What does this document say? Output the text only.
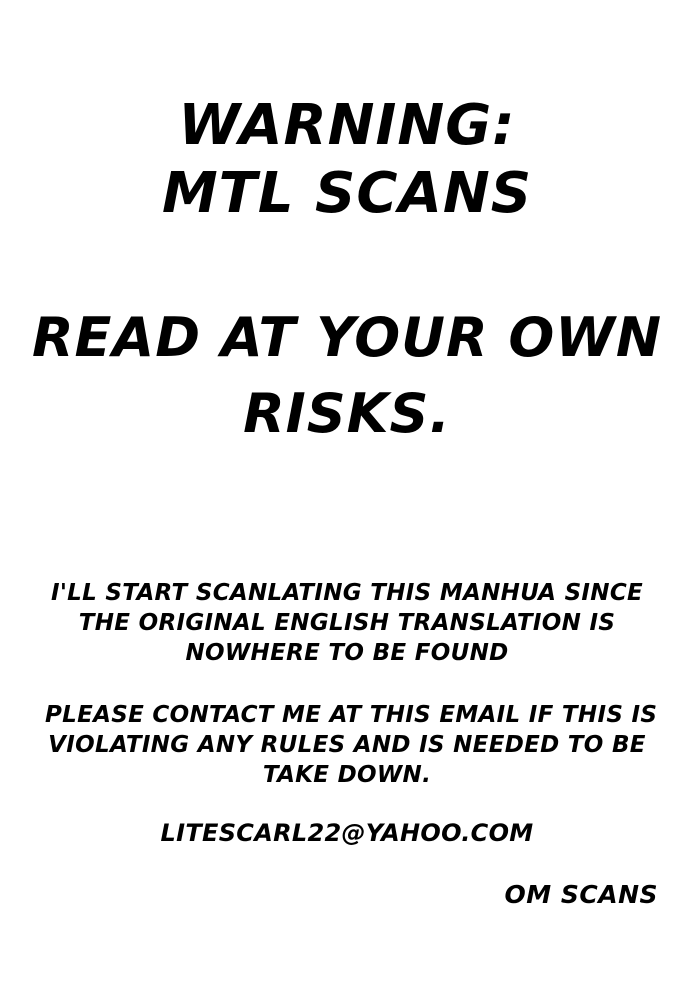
WARNING:
MTL SCANS
READ AT YOUR OWN
RISKS.
I'LL START SCANLATING THIS MANHUA SINCE
THE ORIGINAL ENGLISH TRANSLATION IS
NOWHERE TO BE FOUND
PLEASE CONTACT ME AT THIS EMAIL IF THIS IS
VIOLATING ANY RULES AND IS NEEDED TO BE
TAKE DOWN.
LITESCARL22@YAHOO.COM
OM SCANS
